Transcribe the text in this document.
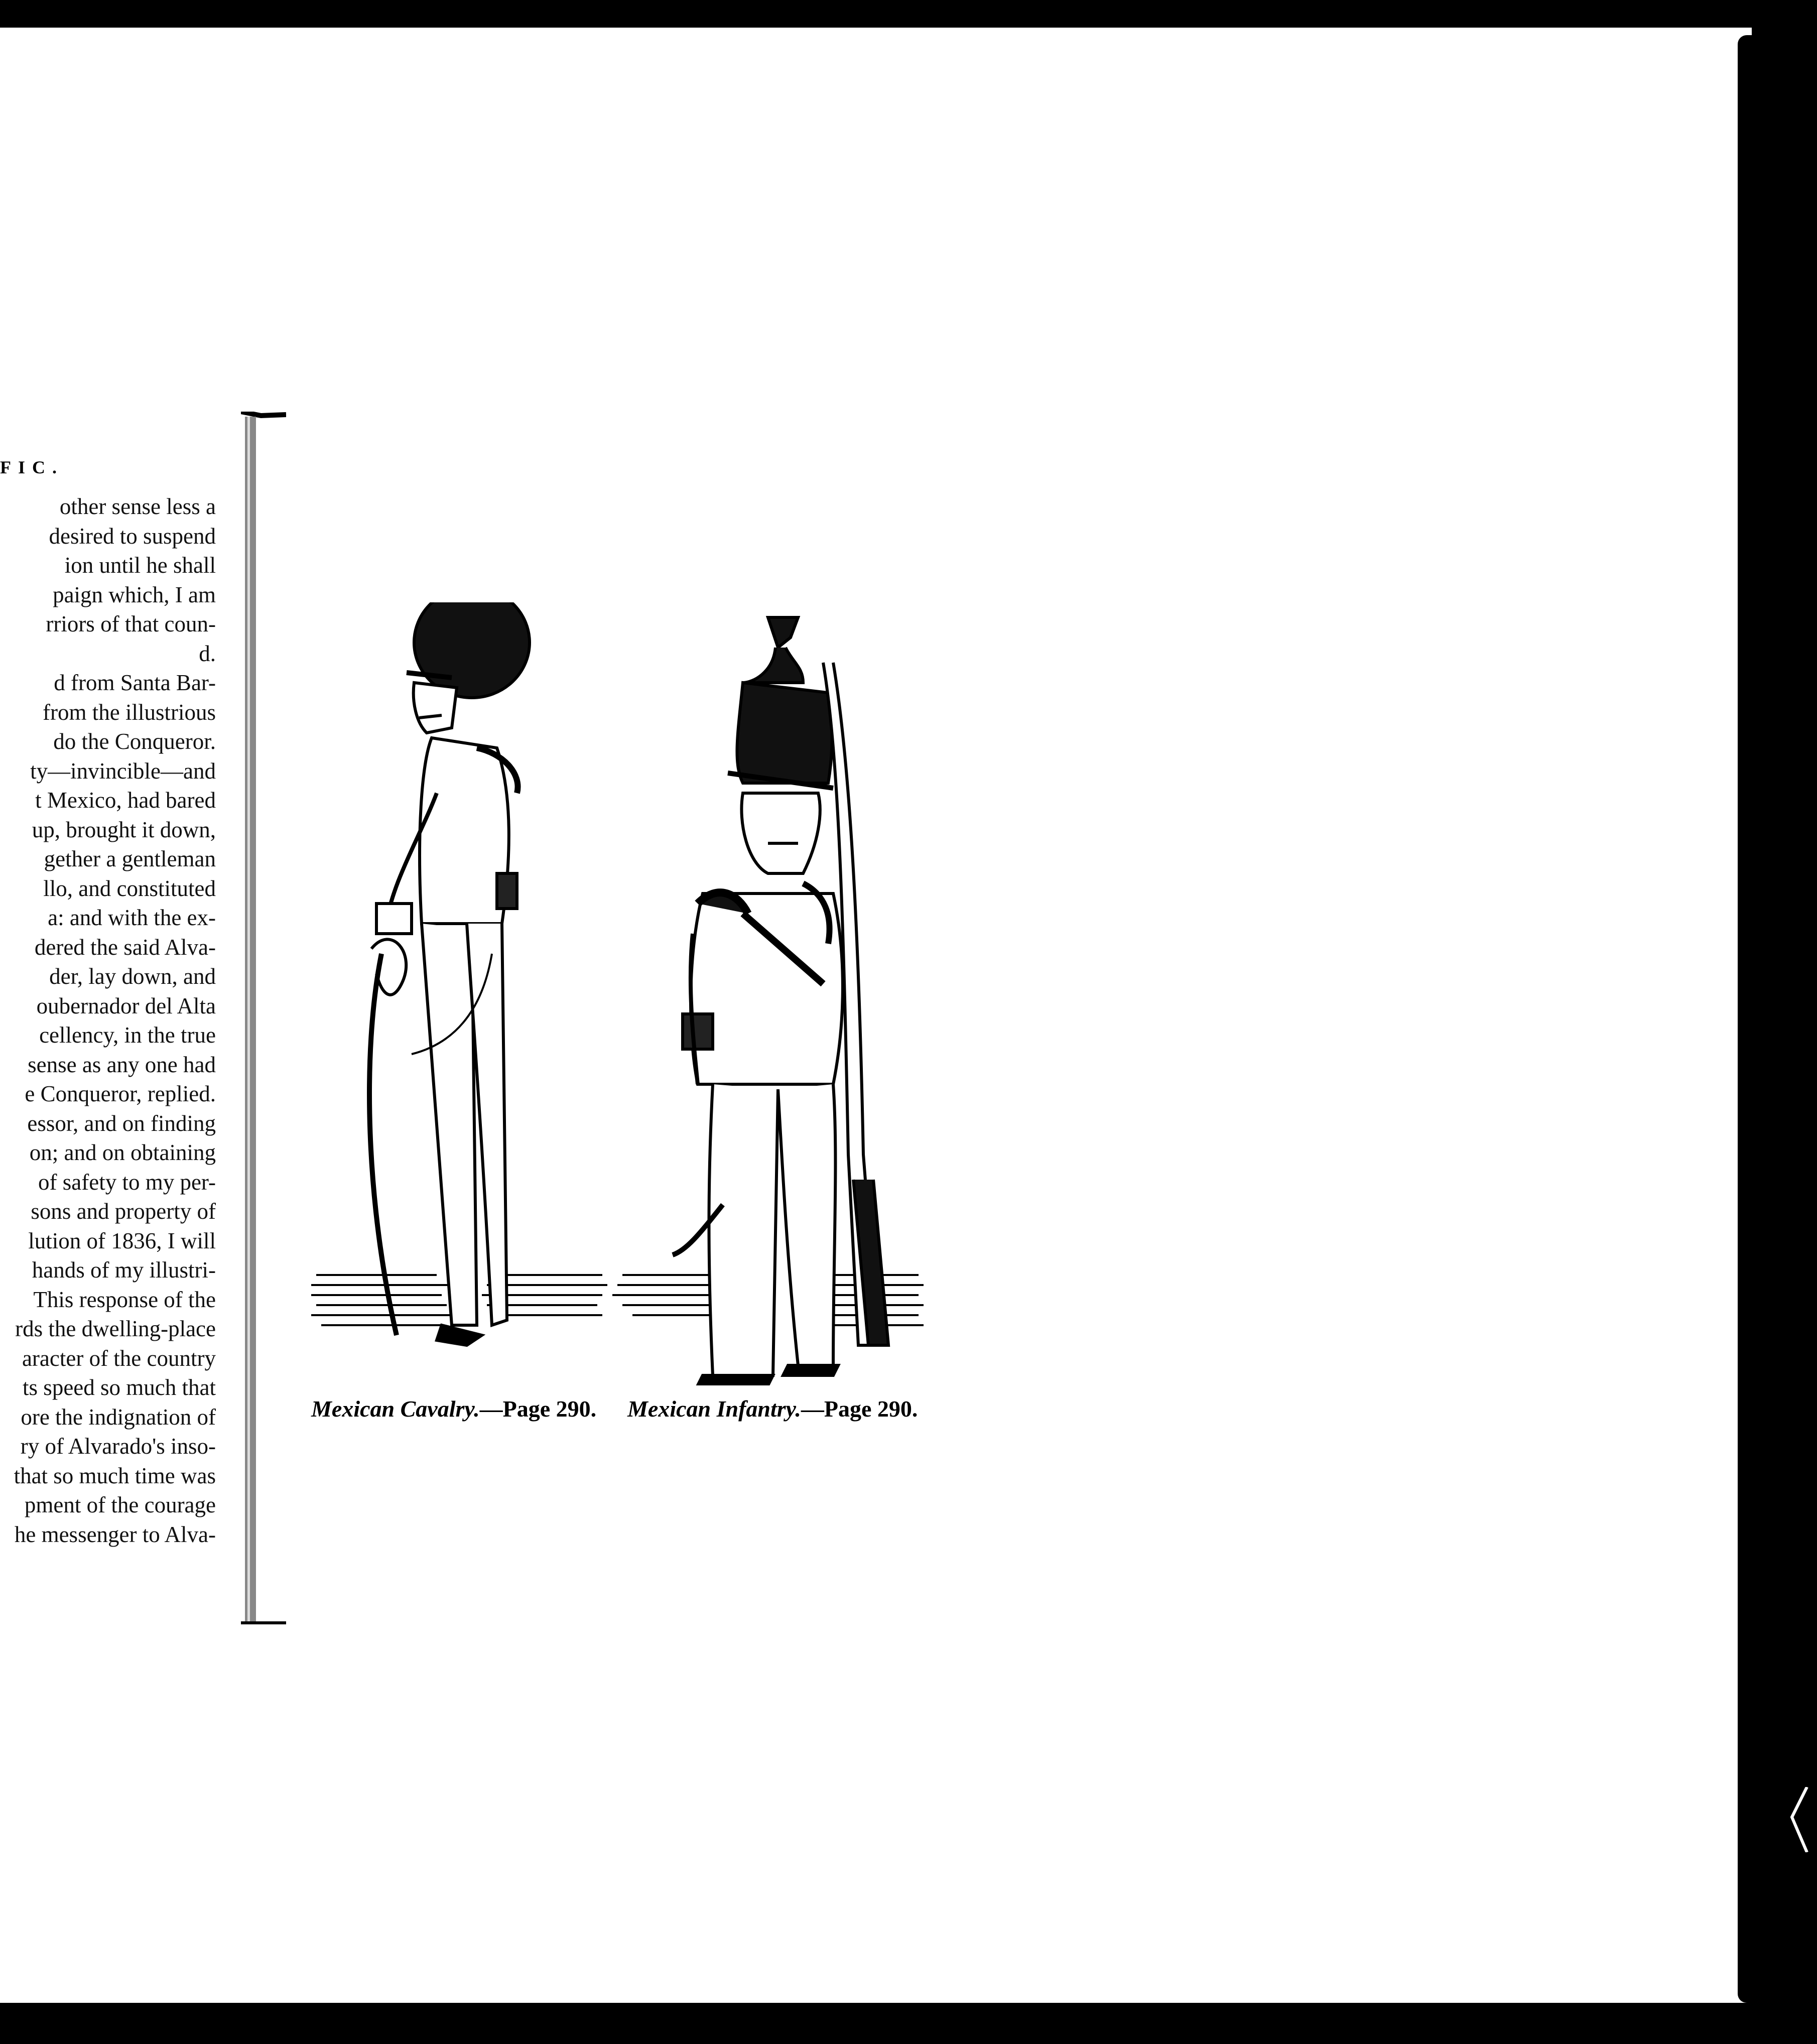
FIC.
other sense less a
desired to suspend
ion until he shall
paign which, I am
rriors of that coun-
d.
d from Santa Bar-
from the illustrious
do the Conqueror.
ty—invincible—and
t Mexico, had bared
up, brought it down,
gether a gentleman
llo, and constituted
a: and with the ex-
dered the said Alva-
der, lay down, and
oubernador del Alta
cellency, in the true
sense as any one had
e Conqueror, replied.
essor, and on finding
on; and on obtaining
of safety to my per-
sons and property of
lution of 1836, I will
hands of my illustri-
This response of the
rds the dwelling-place
aracter of the country
ts speed so much that
ore the indignation of
ry of Alvarado's inso-
that so much time was
pment of the courage
he messenger to Alva-
Mexican Cavalry.—Page 290. Mexican Infantry.—Page 290.
